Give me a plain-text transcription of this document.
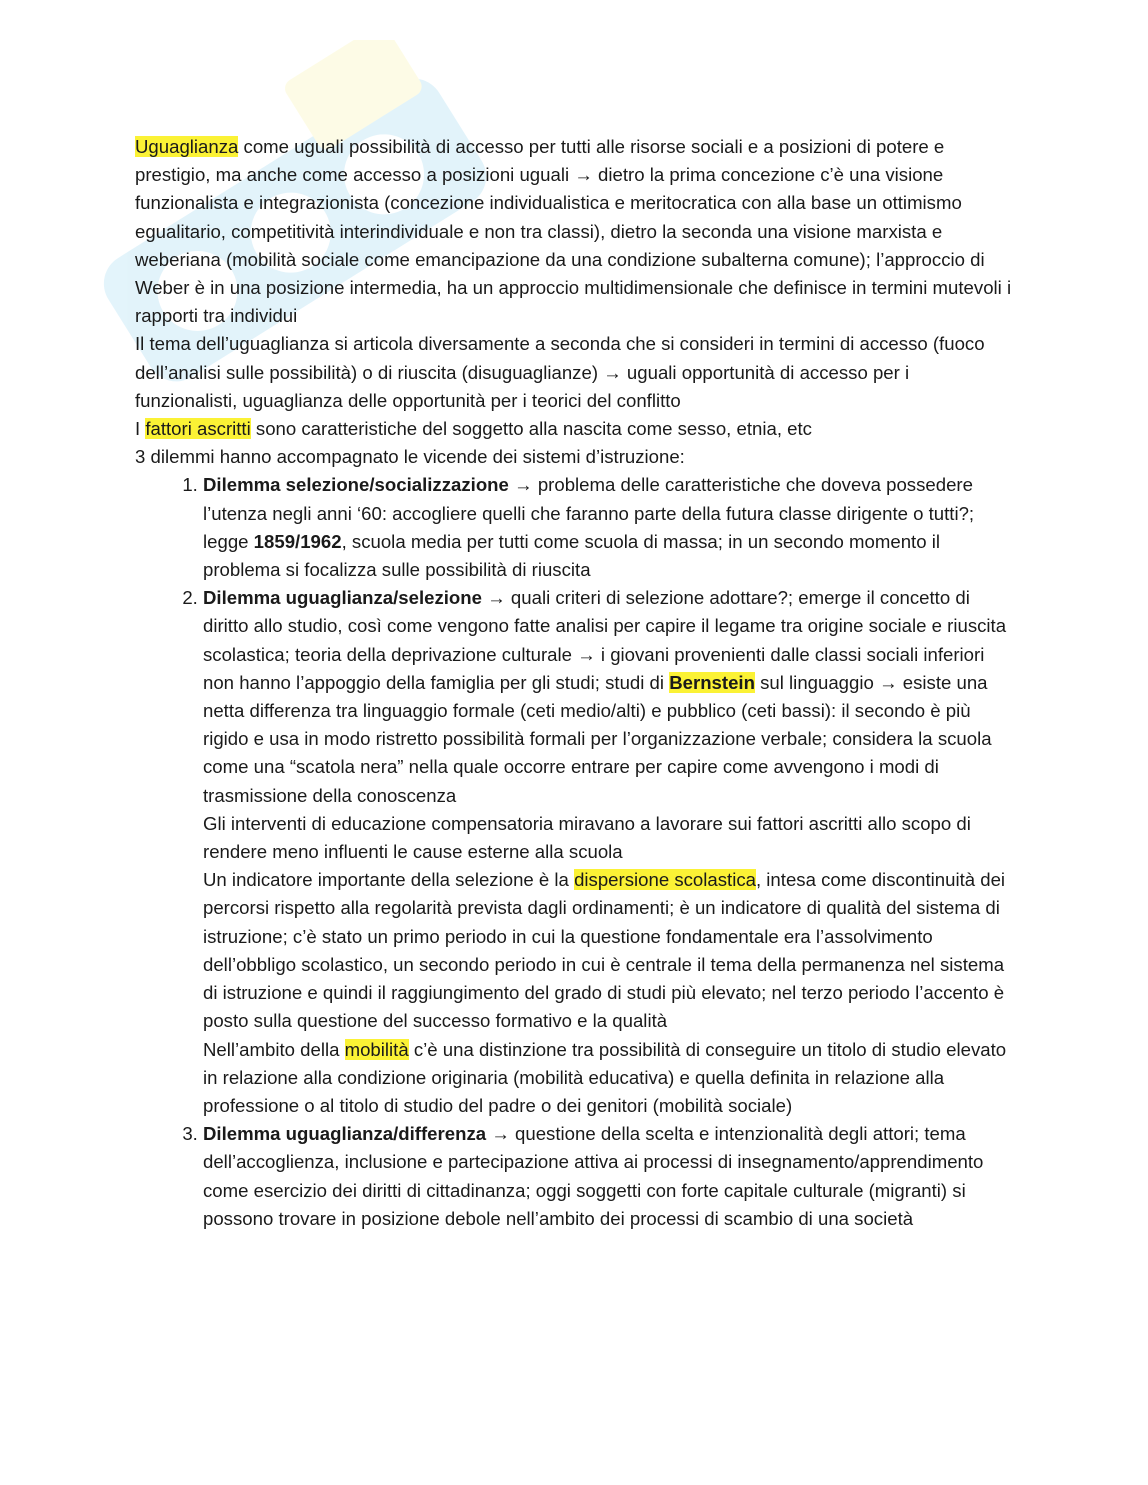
Uguaglianza come uguali possibilità di accesso per tutti alle risorse sociali e a posizioni di potere e prestigio, ma anche come accesso a posizioni uguali → dietro la prima concezione c’è una visione funzionalista e integrazionista (concezione individualistica e meritocratica con alla base un ottimismo egualitario, competitività interindividuale e non tra classi), dietro la seconda una visione marxista e weberiana (mobilità sociale come emancipazione da una condizione subalterna comune); l’approccio di Weber è in una posizione intermedia, ha un approccio multidimensionale che definisce in termini mutevoli i rapporti tra individui

Il tema dell’uguaglianza si articola diversamente a seconda che si consideri in termini di accesso (fuoco dell’analisi sulle possibilità) o di riuscita (disuguaglianze) → uguali opportunità di accesso per i funzionalisti, uguaglianza delle opportunità per i teorici del conflitto

I fattori ascritti sono caratteristiche del soggetto alla nascita come sesso, etnia, etc

3 dilemmi hanno accompagnato le vicende dei sistemi d’istruzione:

1. Dilemma selezione/socializzazione → problema delle caratteristiche che doveva possedere l’utenza negli anni ‘60: accogliere quelli che faranno parte della futura classe dirigente o tutti?; legge 1859/1962, scuola media per tutti come scuola di massa; in un secondo momento il problema si focalizza sulle possibilità di riuscita
2. Dilemma uguaglianza/selezione → quali criteri di selezione adottare?; emerge il concetto di diritto allo studio, così come vengono fatte analisi per capire il legame tra origine sociale e riuscita scolastica; teoria della deprivazione culturale → i giovani provenienti dalle classi sociali inferiori non hanno l’appoggio della famiglia per gli studi; studi di Bernstein sul linguaggio → esiste una netta differenza tra linguaggio formale (ceti medio/alti) e pubblico (ceti bassi): il secondo è più rigido e usa in modo ristretto possibilità formali per l’organizzazione verbale; considera la scuola come una “scatola nera” nella quale occorre entrare per capire come avvengono i modi di trasmissione della conoscenza

Gli interventi di educazione compensatoria miravano a lavorare sui fattori ascritti allo scopo di rendere meno influenti le cause esterne alla scuola

Un indicatore importante della selezione è la dispersione scolastica, intesa come discontinuità dei percorsi rispetto alla regolarità prevista dagli ordinamenti; è un indicatore di qualità del sistema di istruzione; c’è stato un primo periodo in cui la questione fondamentale era l’assolvimento dell’obbligo scolastico, un secondo periodo in cui è centrale il tema della permanenza nel sistema di istruzione e quindi il raggiungimento del grado di studi più elevato; nel terzo periodo l’accento è posto sulla questione del successo formativo e la qualità

Nell’ambito della mobilità c’è una distinzione tra possibilità di conseguire un titolo di studio elevato in relazione alla condizione originaria (mobilità educativa) e quella definita in relazione alla professione o al titolo di studio del padre o dei genitori (mobilità sociale)

3. Dilemma uguaglianza/differenza → questione della scelta e intenzionalità degli attori; tema dell’accoglienza, inclusione e partecipazione attiva ai processi di insegnamento/apprendimento come esercizio dei diritti di cittadinanza; oggi soggetti con forte capitale culturale (migranti) si possono trovare in posizione debole nell’ambito dei processi di scambio di una società
